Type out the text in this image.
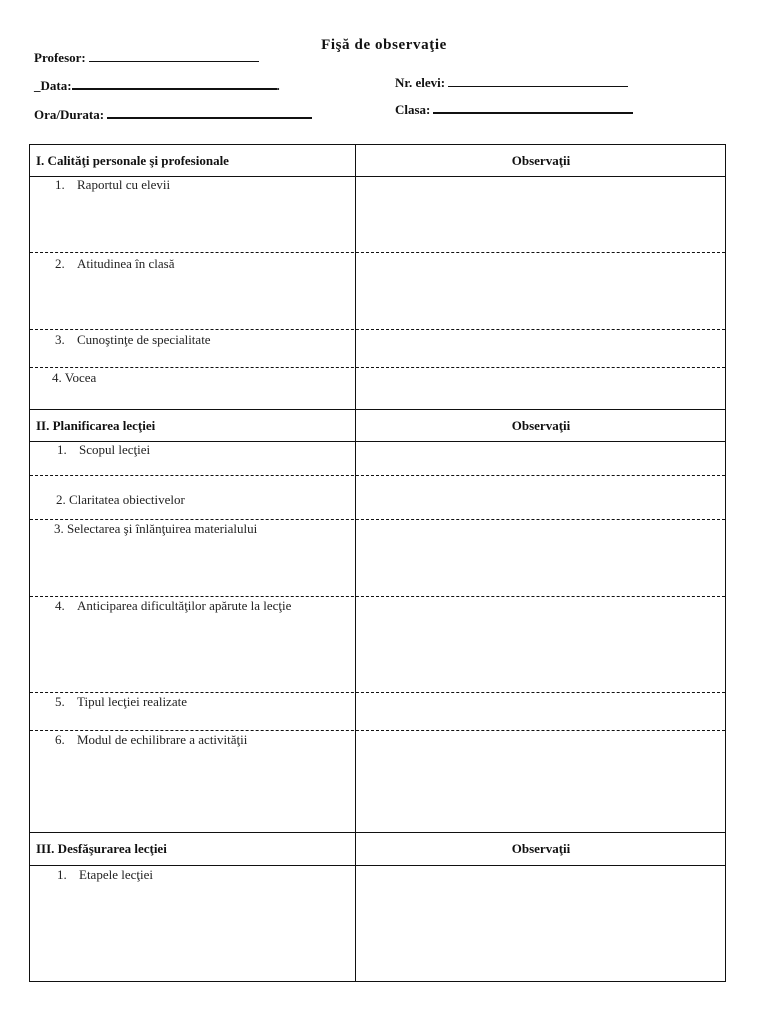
Fişă de observaţie
Profesor:
_Data:	.
Ora/Durata:
Nr. elevi:
Clasa:
I. Calităţi personale şi profesionale	Observaţii
1. Raportul cu elevii
2. Atitudinea în clasă
3. Cunoştinţe de specialitate
4. Vocea
II. Planificarea lecţiei	Observaţii
1. Scopul lecţiei
2. Claritatea obiectivelor
3. Selectarea şi înlănţuirea materialului
4. Anticiparea dificultăţilor apărute la lecţie
5. Tipul lecţiei realizate
6. Modul de echilibrare a activităţii
III. Desfăşurarea lecţiei	Observaţii
1. Etapele lecţiei
